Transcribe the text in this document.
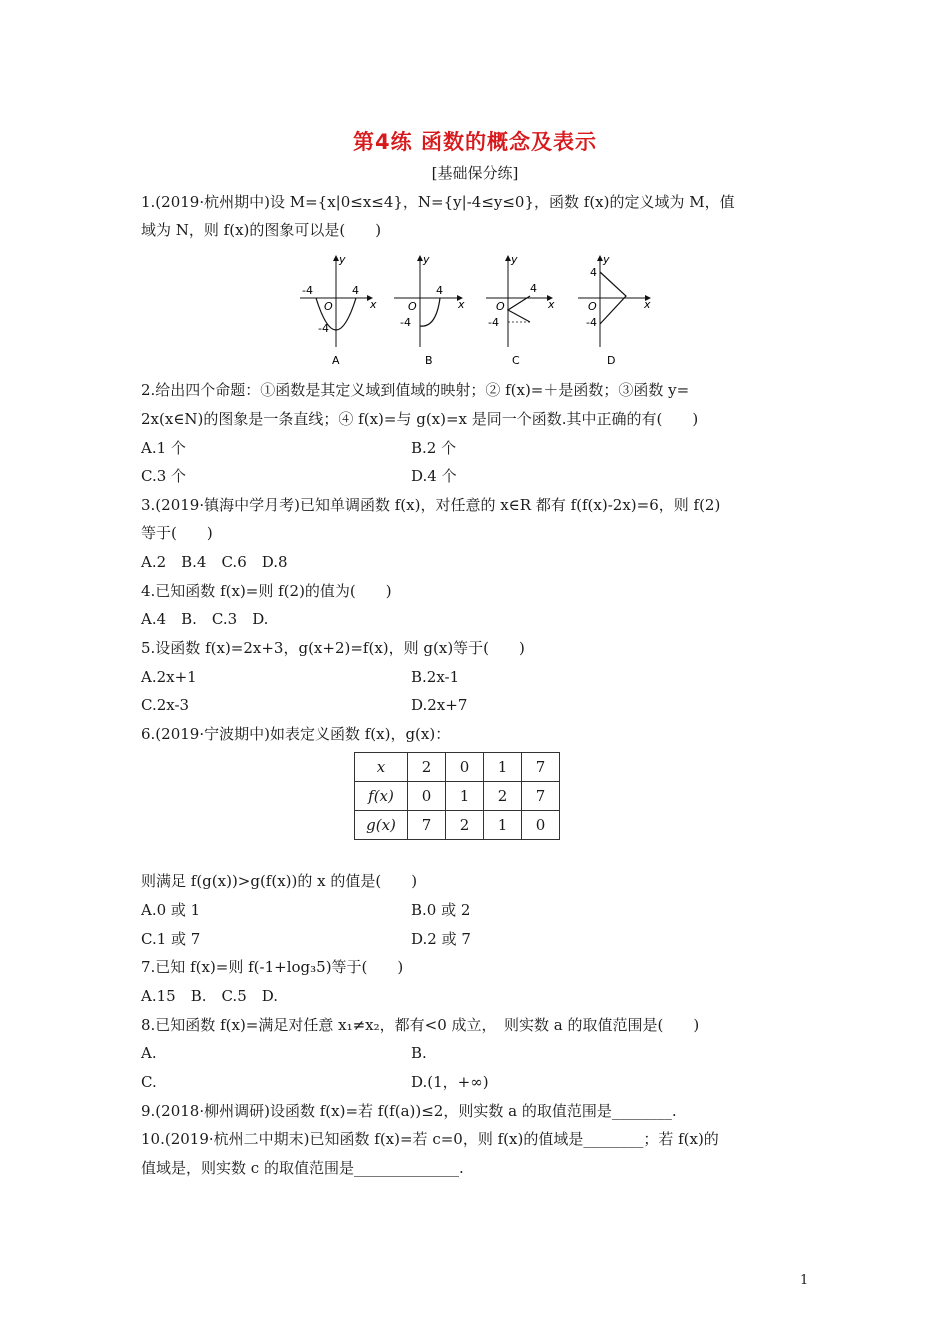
第4练 函数的概念及表示
[基础保分练]
1.(2019·杭州期中)设 M={x|0≤x≤4}，N={y|-4≤y≤0}，函数 f(x)的定义域为 M，值
域为 N，则 f(x)的图象可以是(　　)
-4	4
-4
O	x
y
A
4
-4
O	x
y
B
4
-4
O	x
y
C
4
-4
O	x
y
D
2.给出四个命题：①函数是其定义域到值域的映射；② f(x)=＋是函数；③函数 y=
2x(x∈N)的图象是一条直线；④ f(x)=与 g(x)=x 是同一个函数.其中正确的有(　　)
A.1 个	B.2 个
C.3 个	D.4 个
3.(2019·镇海中学月考)已知单调函数 f(x)，对任意的 x∈R 都有 f(f(x)-2x)=6，则 f(2)
等于(　　)
A.2　B.4　C.6　D.8
4.已知函数 f(x)=则 f(2)的值为(　　)
A.4　B.　C.3　D.
5.设函数 f(x)=2x+3，g(x+2)=f(x)，则 g(x)等于(　　)
A.2x+1	B.2x-1
C.2x-3	D.2x+7
6.(2019·宁波期中)如表定义函数 f(x)，g(x)：
x	2	0	1	7
f(x)	0	1	2	7
g(x)	7	2	1	0
则满足 f(g(x))>g(f(x))的 x 的值是(　　)
A.0 或 1	B.0 或 2
C.1 或 7	D.2 或 7
7.已知 f(x)=则 f(-1+log₃5)等于(　　)
A.15　B.　C.5　D.
8.已知函数 f(x)=满足对任意 x₁≠x₂，都有<0 成立，　则实数 a 的取值范围是(　　)
A.	B.
C.	D.(1，+∞)
9.(2018·柳州调研)设函数 f(x)=若 f(f(a))≤2，则实数 a 的取值范围是________.
10.(2019·杭州二中期末)已知函数 f(x)=若 c=0，则 f(x)的值域是________；若 f(x)的
值域是，则实数 c 的取值范围是______________.
1
